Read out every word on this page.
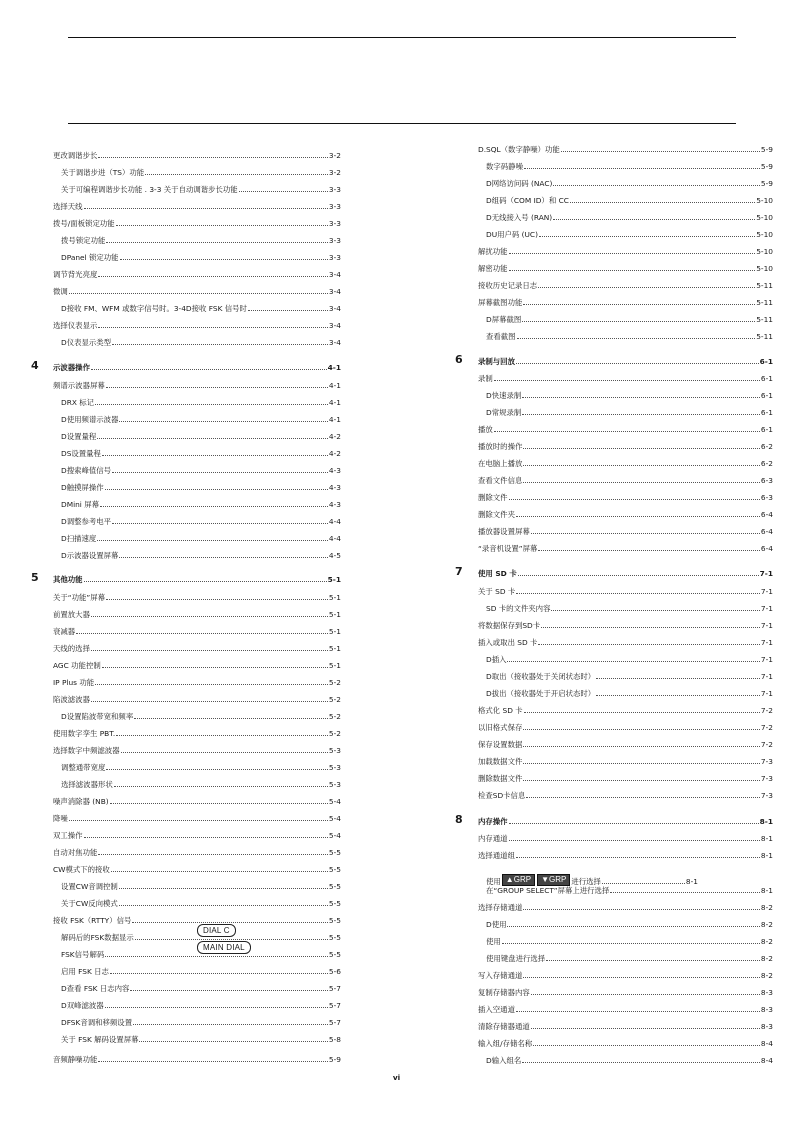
更改调谐步长	3-2
关于调谐步进（TS）功能	3-2
关于可编程调谐步长功能 . 3-3 关于自动调谐步长功能	3-3
选择天线	3-3
拨号/面板锁定功能	3-3
拨号锁定功能	3-3
DPanel 锁定功能	3-3
调节背光亮度	3-4
微调	3-4
D接收 FM、WFM 或数字信号时。3-4D接收 FSK 信号时	3-4
选择仪表显示	3-4
D仪表显示类型	3-4
示波器操作	4-1
4
频谱示波器屏幕	4-1
DRX 标记	4-1
D使用频谱示波器	4-1
D设置量程	4-2
DS设置量程	4-2
D搜索峰值信号	4-3
D触摸屏操作	4-3
DMini 屏幕	4-3
D调整参考电平	4-4
D扫描速度	4-4
D示波器设置屏幕	4-5
其他功能	5-1
5
关于“功能”屏幕	5-1
前置放大器	5-1
衰减器	5-1
天线的选择	5-1
AGC 功能控制	5-1
IP Plus 功能	5-2
陷波滤波器	5-2
D设置陷波带宽和频率	5-2
使用数字孪生 PBT.	5-2
选择数字中频滤波器	5-3
调整通带宽度	5-3
选择滤波器形状	5-3
噪声消除器 (NB)	5-4
降噪	5-4
双工操作	5-4
自动对焦功能	5-5
CW模式下的接收	5-5
设置CW音调控制	5-5
关于CW反向模式	5-5
接收 FSK（RTTY）信号	5-5
解码后的FSK数据显示	5-5
FSK信号解码	5-5
启用 FSK 日志	5-6
D查看 FSK 日志内容	5-7
D双峰滤波器	5-7
DFSK音调和移频设置	5-7
关于 FSK 解码设置屏幕	5-8
音频静噪功能	5-9
D.SQL（数字静噪）功能	5-9
数字码静噪	5-9
D网络访问码 (NAC)	5-9
D组码（COM ID）和 CC	5-10
D无线接入号 (RAN)	5-10
DU用户码 (UC)	5-10
解扰功能	5-10
解密功能	5-10
接收历史记录日志	5-11
屏幕截图功能	5-11
D屏幕截图	5-11
查看截图	5-11
录制与回放	6-1
6
录制	6-1
D快速录制	6-1
D常规录制	6-1
播放	6-1
播放时的操作	6-2
在电脑上播放	6-2
查看文件信息	6-3
删除文件	6-3
删除文件夹	6-4
播放器设置屏幕	6-4
“录音机设置”屏幕	6-4
使用 SD 卡	7-1
7
关于 SD 卡	7-1
SD 卡的文件夹内容	7-1
将数据保存到SD卡	7-1
插入或取出 SD 卡	7-1
D插入	7-1
D取出（接收器处于关闭状态时）	7-1
D拔出（接收器处于开启状态时）	7-1
格式化 SD 卡	7-2
以旧格式保存	7-2
保存设置数据	7-2
加载数据文件	7-3
删除数据文件	7-3
检查SD卡信息	7-3
内存操作	8-1
8
内存通道	8-1
选择通道组	8-1
在“GROUP SELECT”屏幕上进行选择	8-1
选择存储通道	8-2
D使用	8-2
使用	8-2
使用键盘进行选择	8-2
写入存储通道	8-2
复制存储器内容	8-3
插入空通道	8-3
清除存储器通道	8-3
输入组/存储名称	8-4
D输入组名	8-4
使用 ▲GRP	▼GRP 进行选择	8-1
DIAL C
MAIN DIAL
vi
